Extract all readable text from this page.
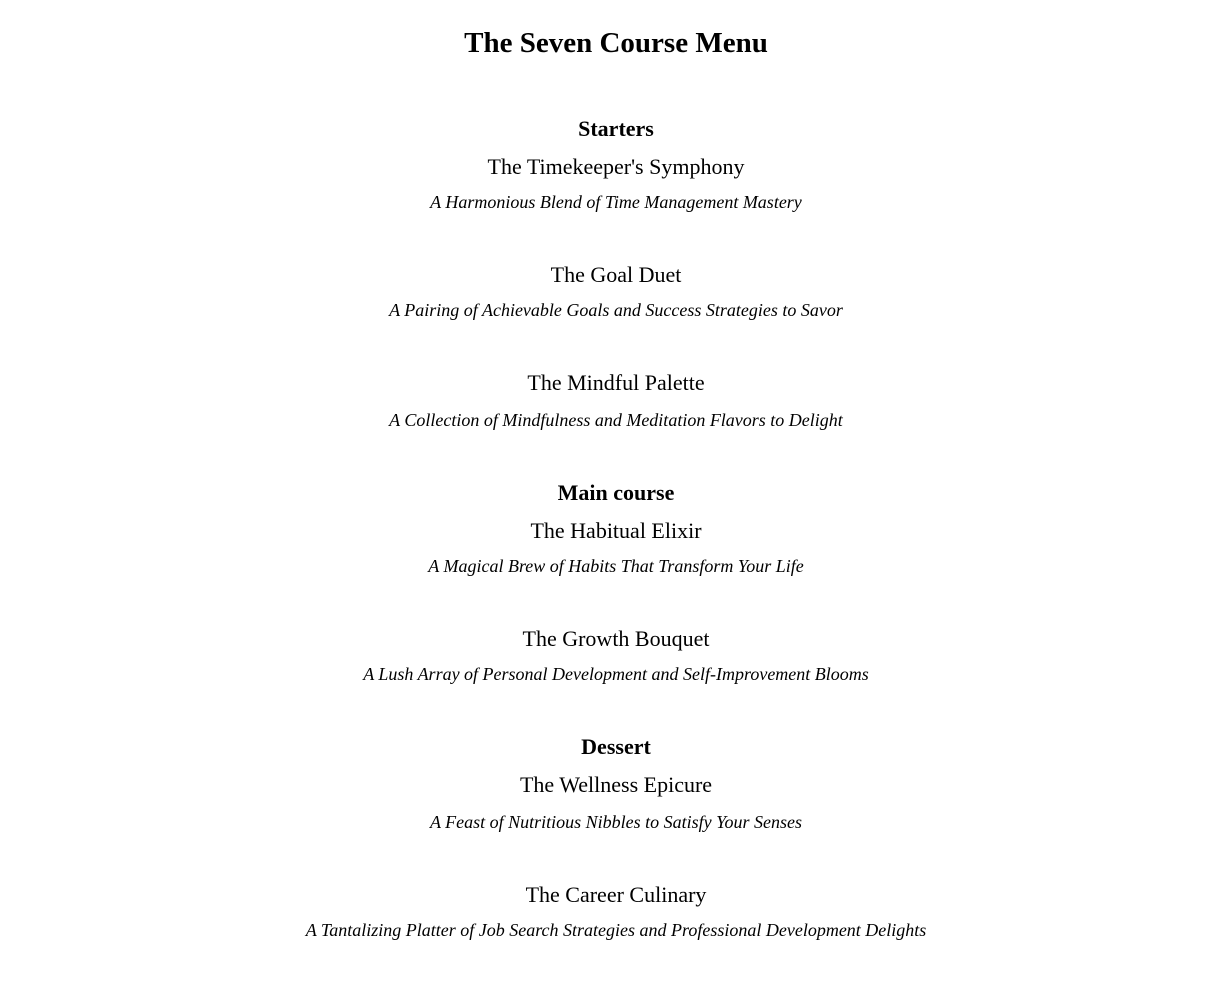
The Seven Course Menu
Starters
The Timekeeper's Symphony
A Harmonious Blend of Time Management Mastery
The Goal Duet
A Pairing of Achievable Goals and Success Strategies to Savor
The Mindful Palette
A Collection of Mindfulness and Meditation Flavors to Delight
Main course
The Habitual Elixir
A Magical Brew of Habits That Transform Your Life
The Growth Bouquet
A Lush Array of Personal Development and Self-Improvement Blooms
Dessert
The Wellness Epicure
A Feast of Nutritious Nibbles to Satisfy Your Senses
The Career Culinary
A Tantalizing Platter of Job Search Strategies and Professional Development Delights
